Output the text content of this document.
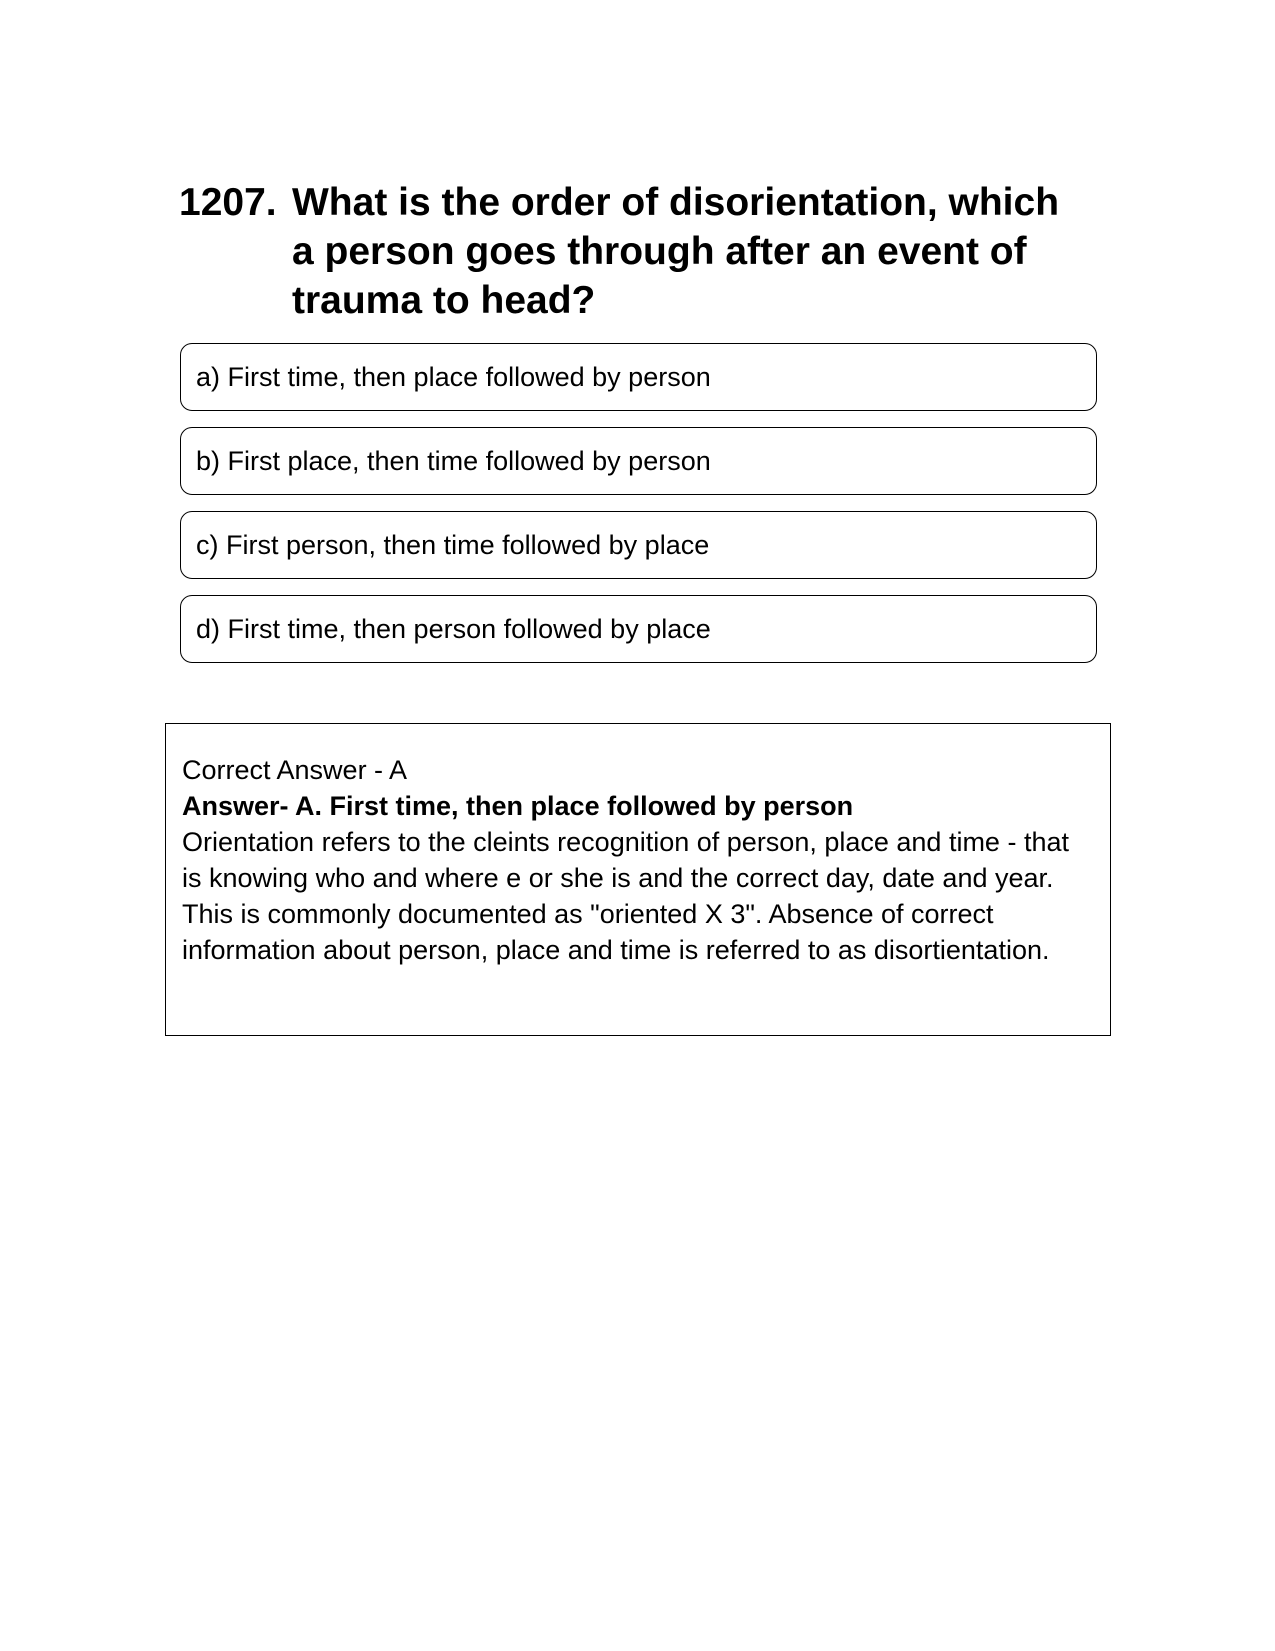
1207. What is the order of disorientation, which a person goes through after an event of trauma to head?
a) First time, then place followed by person
b) First place, then time followed by person
c) First person, then time followed by place
d) First time, then person followed by place
Correct Answer - A
Answer- A. First time, then place followed by person
Orientation refers to the cleints recognition of person, place and time - that is knowing who and where e or she is and the correct day, date and year. This is commonly documented as "oriented X 3". Absence of correct information about person, place and time is referred to as disortientation.
